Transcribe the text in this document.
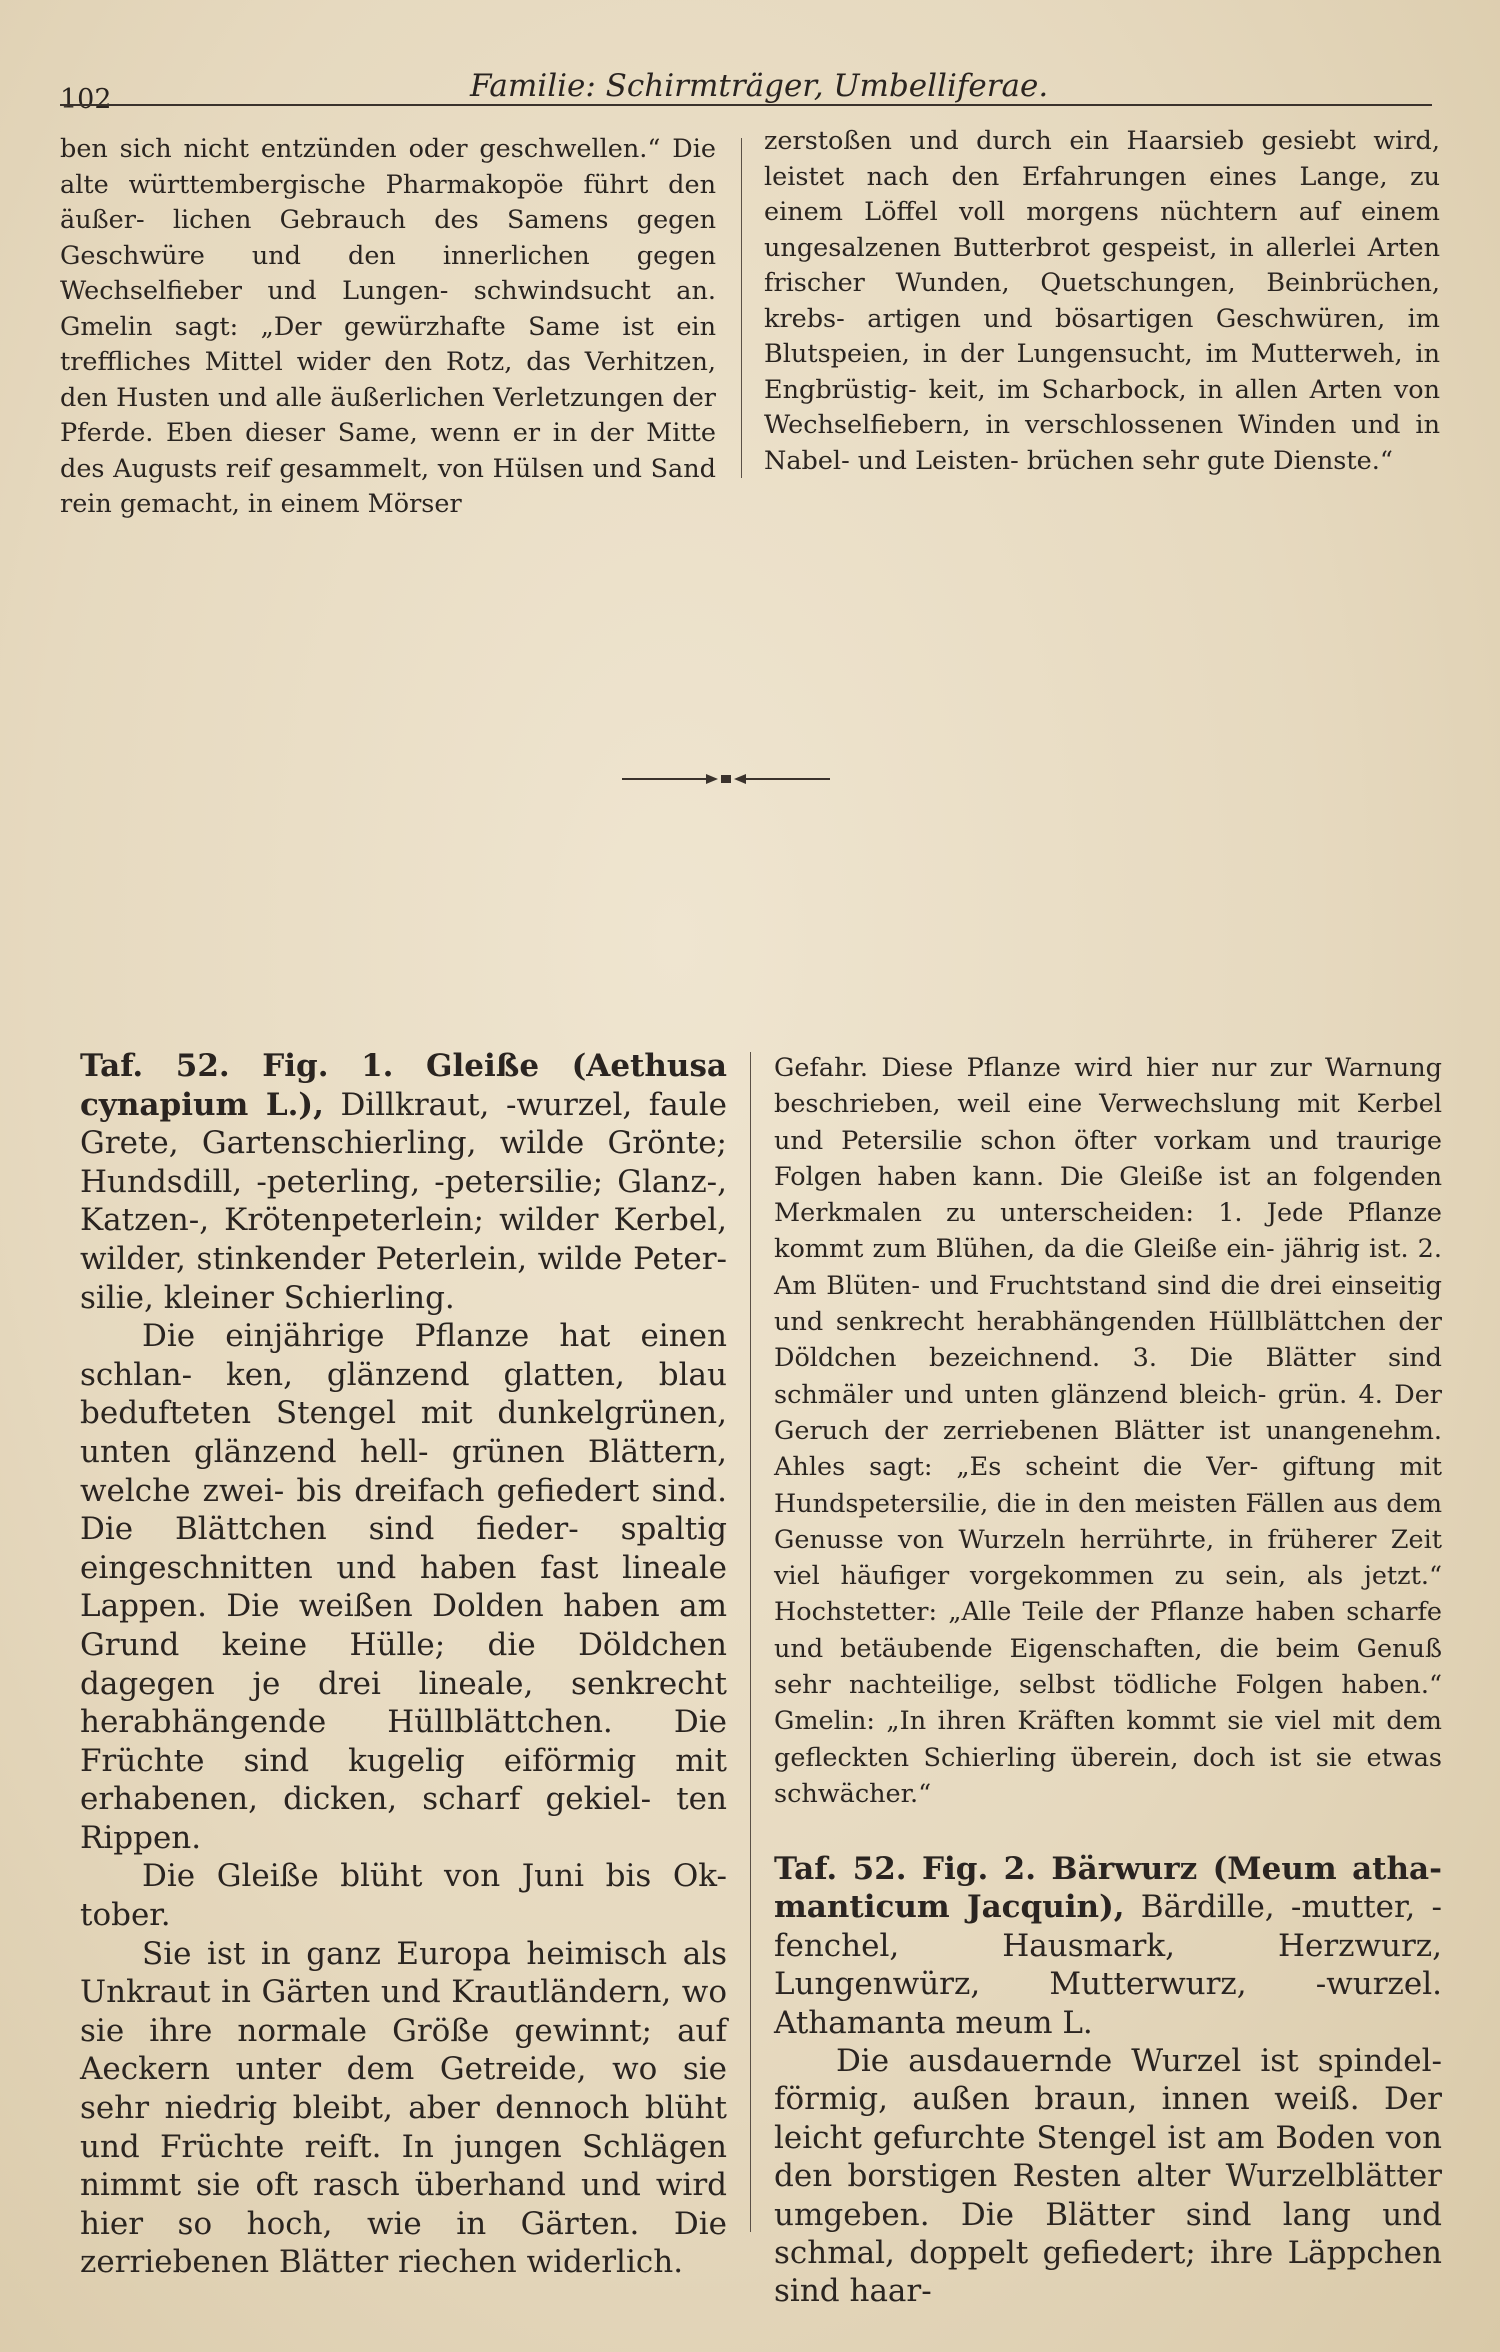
102	Familie: Schirmträger, Umbelliferae.

ben sich nicht entzünden oder geschwellen.“ Die alte württembergische Pharmakopöe führt den äußer- lichen Gebrauch des Samens gegen Geschwüre und den innerlichen gegen Wechselfieber und Lungen- schwindsucht an. Gmelin sagt: „Der gewürzhafte Same ist ein treffliches Mittel wider den Rotz, das Verhitzen, den Husten und alle äußerlichen Verletzungen der Pferde. Eben dieser Same, wenn er in der Mitte des Augusts reif gesammelt, von Hülsen und Sand rein gemacht, in einem Mörser

zerstoßen und durch ein Haarsieb gesiebt wird, leistet nach den Erfahrungen eines Lange, zu einem Löffel voll morgens nüchtern auf einem ungesalzenen Butterbrot gespeist, in allerlei Arten frischer Wunden, Quetschungen, Beinbrüchen, krebs- artigen und bösartigen Geschwüren, im Blutspeien, in der Lungensucht, im Mutterweh, in Engbrüstig- keit, im Scharbock, in allen Arten von Wechselfiebern, in verschlossenen Winden und in Nabel- und Leisten- brüchen sehr gute Dienste.“

Taf. 52. Fig. 1. Gleiße (Aethusa cynapium L.), Dillkraut, -wurzel, faule Grete, Gartenschierling, wilde Grönte; Hundsdill, -peterling, -petersilie; Glanz-, Katzen-, Krötenpeterlein; wilder Kerbel, wilder, stinkender Peterlein, wilde Peter- silie, kleiner Schierling.

Die einjährige Pflanze hat einen schlan- ken, glänzend glatten, blau bedufteten Stengel mit dunkelgrünen, unten glänzend hell- grünen Blättern, welche zwei- bis dreifach gefiedert sind. Die Blättchen sind fieder- spaltig eingeschnitten und haben fast lineale Lappen. Die weißen Dolden haben am Grund keine Hülle; die Döldchen dagegen je drei lineale, senkrecht herabhängende Hüllblättchen. Die Früchte sind kugelig eiförmig mit erhabenen, dicken, scharf gekiel- ten Rippen.

Die Gleiße blüht von Juni bis Ok- tober.

Sie ist in ganz Europa heimisch als Unkraut in Gärten und Krautländern, wo sie ihre normale Größe gewinnt; auf Aeckern unter dem Getreide, wo sie sehr niedrig bleibt, aber dennoch blüht und Früchte reift. In jungen Schlägen nimmt sie oft rasch überhand und wird hier so hoch, wie in Gärten. Die zerriebenen Blätter riechen widerlich.

Gefahr. Diese Pflanze wird hier nur zur Warnung beschrieben, weil eine Verwechslung mit Kerbel und Petersilie schon öfter vorkam und traurige Folgen haben kann. Die Gleiße ist an folgenden Merkmalen zu unterscheiden: 1. Jede Pflanze kommt zum Blühen, da die Gleiße ein- jährig ist. 2. Am Blüten- und Fruchtstand sind die drei einseitig und senkrecht herabhängenden Hüllblättchen der Döldchen bezeichnend. 3. Die Blätter sind schmäler und unten glänzend bleich- grün. 4. Der Geruch der zerriebenen Blätter ist unangenehm. Ahles sagt: „Es scheint die Ver- giftung mit Hundspetersilie, die in den meisten Fällen aus dem Genusse von Wurzeln herrührte, in früherer Zeit viel häufiger vorgekommen zu sein, als jetzt.“ Hochstetter: „Alle Teile der Pflanze haben scharfe und betäubende Eigenschaften, die beim Genuß sehr nachteilige, selbst tödliche Folgen haben.“ Gmelin: „In ihren Kräften kommt sie viel mit dem gefleckten Schierling überein, doch ist sie etwas schwächer.“

Taf. 52. Fig. 2. Bärwurz (Meum atha- manticum Jacquin), Bärdille, -mutter, -fenchel, Hausmark, Herzwurz, Lungenwürz, Mutterwurz, -wurzel. Athamanta meum L.

Die ausdauernde Wurzel ist spindel- förmig, außen braun, innen weiß. Der leicht gefurchte Stengel ist am Boden von den borstigen Resten alter Wurzelblätter umgeben. Die Blätter sind lang und schmal, doppelt gefiedert; ihre Läppchen sind haar-
